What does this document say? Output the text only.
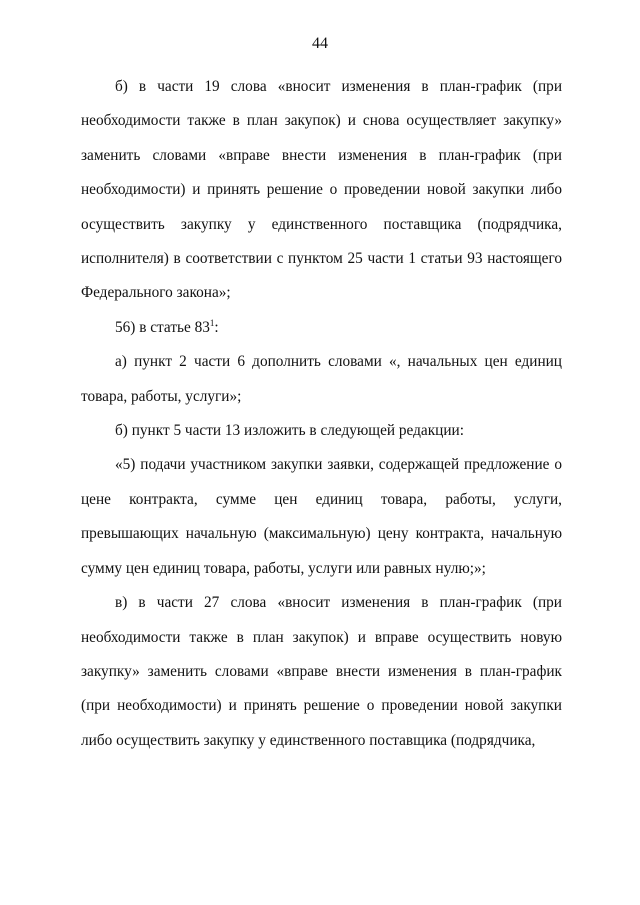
44

б) в части 19 слова «вносит изменения в план-график (при необходимости также в план закупок) и снова осуществляет закупку» заменить словами «вправе внести изменения в план-график (при необходимости) и принять решение о проведении новой закупки либо осуществить закупку у единственного поставщика (подрядчика, исполнителя) в соответствии с пунктом 25 части 1 статьи 93 настоящего Федерального закона»;

56) в статье $83^1$:

а) пункт 2 части 6 дополнить словами «, начальных цен единиц товара, работы, услуги»;

б) пункт 5 части 13 изложить в следующей редакции:

«5) подачи участником закупки заявки, содержащей предложение о цене контракта, сумме цен единиц товара, работы, услуги, превышающих начальную (максимальную) цену контракта, начальную сумму цен единиц товара, работы, услуги или равных нулю;»;

в) в части 27 слова «вносит изменения в план-график (при необходимости также в план закупок) и вправе осуществить новую закупку» заменить словами «вправе внести изменения в план-график (при необходимости) и принять решение о проведении новой закупки либо осуществить закупку у единственного поставщика (подрядчика,
